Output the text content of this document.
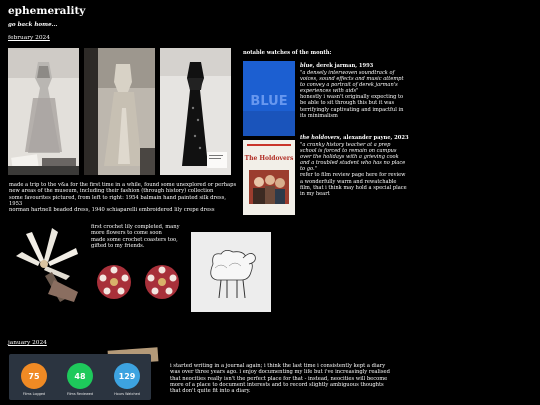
ephemerality
go back home...
february 2024
made a trip to the v&a for the first time in a while, found some unexplored or perhaps
new areas of the museum, including their fashion (through history) collection
some favourites pictured, from left to right: 1954 balmain hand painted silk dress, 1953
norman hartnell beaded dress, 1940 schiaparelli embroidered lily crepe dress
notable watches of the month:
BLUE
blue, derek jarman, 1993
"a densely interwoven soundtrack of
voices, sound effects and music attempt
to convey a portrait of derek jarman's
experiences with aids"
honestly i wasn't originally expecting to
be able to sit through this but it was
terrifyingly captivating and impactful in
its minimalism
The Holdovers
the holdovers, alexander payne, 2023
"a cranky history teacher at a prep
school is forced to remain on campus
over the holidays with a grieving cook
and a troubled student who has no place
to go."
refer to film review page here for review
a wonderfully warm and rewatchable
film, that i think may hold a special place
in my heart
first crochet lily completed, many
more flowers to come soon
made some crochet coasters too,
gifted to my friends.
january 2024
75
Films Logged
48
Films Reviewed
129
Hours Watched
i started writing in a journal again; i think the last time i consistently kept a diary
was over three years ago. i enjoy documenting my life but i've increasingly realised
that neocities really isn't the perfect place for that - instead, neocities will become
more of a place to document interests and to record slightly ambiguous thoughts
that don't quite fit into a diary.
